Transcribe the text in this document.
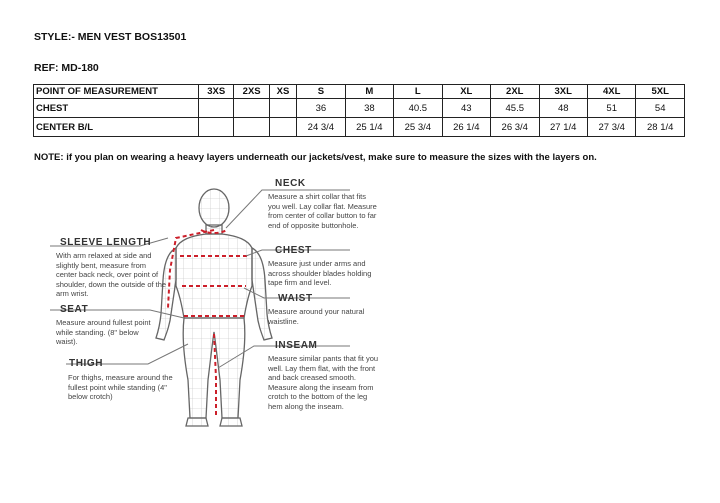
STYLE:- MEN VEST BOS13501
REF: MD-180
POINT OF MEASUREMENT	3XS	2XS	XS	S	M	L	XL	2XL	3XL	4XL	5XL
CHEST				36	38	40.5	43	45.5	48	51	54
CENTER B/L				24 3/4	25 1/4	25 3/4	26 1/4	26 3/4	27 1/4	27 3/4	28 1/4
NOTE: if you plan on wearing a heavy layers underneath our jackets/vest, make sure to measure the sizes with the layers on.
NECK
Measure a shirt collar that fits you well. Lay collar flat. Measure from center of collar button to far end of opposite buttonhole.
CHEST
Measure just under arms and across shoulder blades holding tape firm and level.
WAIST
Measure around your natural waistline.
INSEAM
Measure similar pants that fit you well. Lay them flat, with the front and back creased smooth. Measure along the inseam from crotch to the bottom of the leg hem along the inseam.
SLEEVE LENGTH
With arm relaxed at side and slightly bent, measure from center back neck, over point of shoulder, down the outside of the arm wrist.
SEAT
Measure around fullest point while standing. (8" below waist).
THIGH
For thighs, measure around the fullest point while standing (4" below crotch)
